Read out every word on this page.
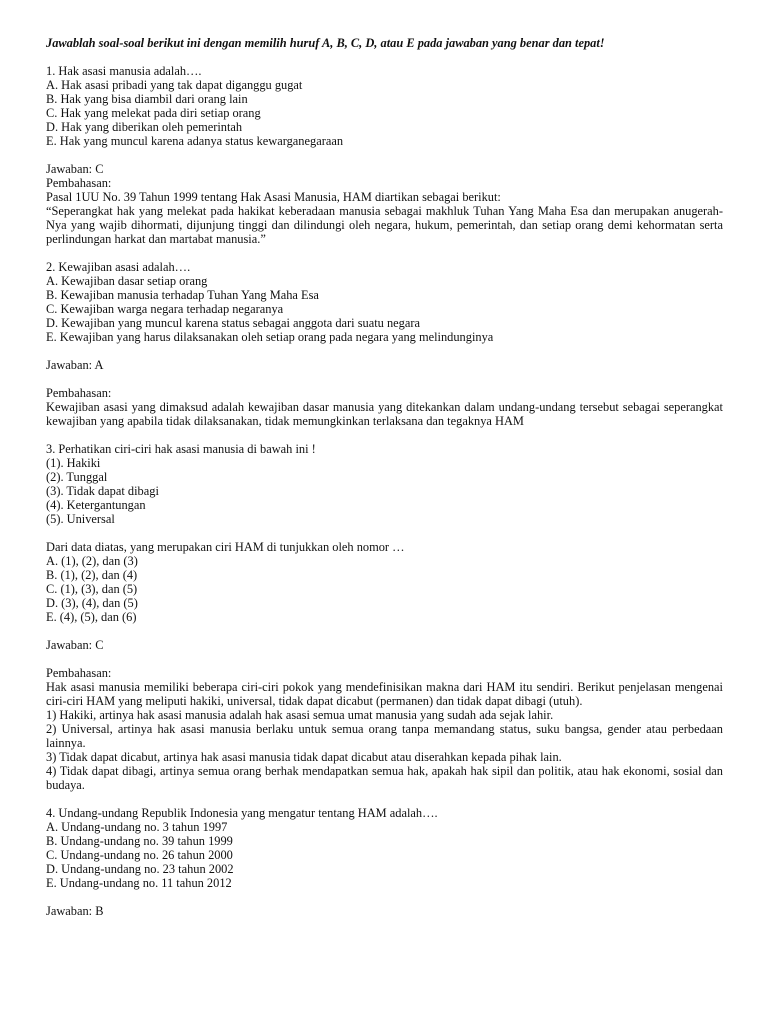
Jawablah soal-soal berikut ini dengan memilih huruf A, B, C, D, atau E pada jawaban yang benar dan tepat!
1. Hak asasi manusia adalah….
A. Hak asasi pribadi yang tak dapat diganggu gugat
B. Hak yang bisa diambil dari orang lain
C. Hak yang melekat pada diri setiap orang
D. Hak yang diberikan oleh pemerintah
E. Hak yang muncul karena adanya status kewarganegaraan
Jawaban: C
Pembahasan:
Pasal 1UU No. 39 Tahun 1999 tentang Hak Asasi Manusia, HAM diartikan sebagai berikut:
“Seperangkat hak yang melekat pada hakikat keberadaan manusia sebagai makhluk Tuhan Yang Maha Esa dan merupakan anugerah-Nya yang wajib dihormati, dijunjung tinggi dan dilindungi oleh negara, hukum, pemerintah, dan setiap orang demi kehormatan serta perlindungan harkat dan martabat manusia.”
2. Kewajiban asasi adalah….
A. Kewajiban dasar setiap orang
B. Kewajiban manusia terhadap Tuhan Yang Maha Esa
C. Kewajiban warga negara terhadap negaranya
D. Kewajiban yang muncul karena status sebagai anggota dari suatu negara
E. Kewajiban yang harus dilaksanakan oleh setiap orang pada negara yang melindunginya
Jawaban: A
Pembahasan:
Kewajiban asasi yang dimaksud adalah kewajiban dasar manusia yang ditekankan dalam undang-undang tersebut sebagai seperangkat kewajiban yang apabila tidak dilaksanakan, tidak memungkinkan terlaksana dan tegaknya HAM
3. Perhatikan ciri-ciri hak asasi manusia di bawah ini !
(1). Hakiki
(2). Tunggal
(3). Tidak dapat dibagi
(4). Ketergantungan
(5). Universal
Dari data diatas, yang merupakan ciri HAM di tunjukkan oleh nomor …
A. (1), (2), dan (3)
B. (1), (2), dan (4)
C. (1), (3), dan (5)
D. (3), (4), dan (5)
E. (4), (5), dan (6)
Jawaban: C
Pembahasan:
Hak asasi manusia memiliki beberapa ciri-ciri pokok yang mendefinisikan makna dari HAM itu sendiri. Berikut penjelasan mengenai ciri-ciri HAM yang meliputi hakiki, universal, tidak dapat dicabut (permanen) dan tidak dapat dibagi (utuh).
1) Hakiki, artinya hak asasi manusia adalah hak asasi semua umat manusia yang sudah ada sejak lahir.
2) Universal, artinya hak asasi manusia berlaku untuk semua orang tanpa memandang status, suku bangsa, gender atau perbedaan lainnya.
3) Tidak dapat dicabut, artinya hak asasi manusia tidak dapat dicabut atau diserahkan kepada pihak lain.
4) Tidak dapat dibagi, artinya semua orang berhak mendapatkan semua hak, apakah hak sipil dan politik, atau hak ekonomi, sosial dan budaya.
4. Undang-undang Republik Indonesia yang mengatur tentang HAM adalah….
A. Undang-undang no. 3 tahun 1997
B. Undang-undang no. 39 tahun 1999
C. Undang-undang no. 26 tahun 2000
D. Undang-undang no. 23 tahun 2002
E. Undang-undang no. 11 tahun 2012
Jawaban: B
